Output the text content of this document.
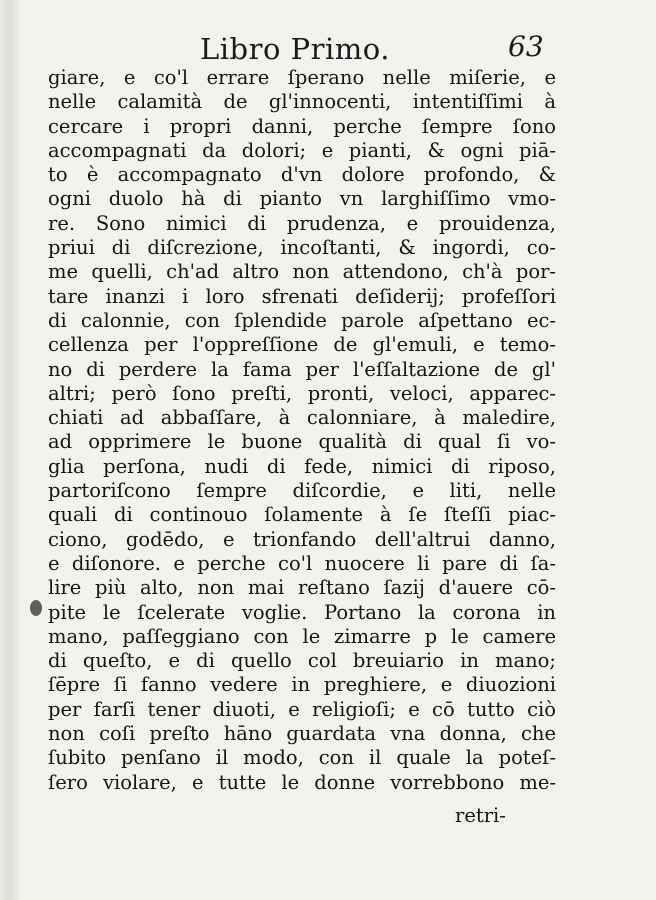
Libro Primo.	63
giare, e co'l errare ſperano nelle miſerie, e
nelle calamità de gl'innocenti, intentiſſimi à
cercare i propri danni, perche ſempre ſono
accompagnati da dolori; e pianti, & ogni piā-
to è accompagnato d'vn dolore profondo, &
ogni duolo hà di pianto vn larghiſſimo vmo-
re. Sono nimici di prudenza, e prouidenza,
priui di diſcrezione, incoſtanti, & ingordi, co-
me quelli, ch'ad altro non attendono, ch'à por-
tare inanzi i loro sfrenati deſiderij; profeſſori
di calonnie, con ſplendide parole aſpettano ec-
cellenza per l'oppreſſione de gl'emuli, e temo-
no di perdere la fama per l'eſſaltazione de gl'
altri; però ſono preſti, pronti, veloci, apparec-
chiati ad abbaſſare, à calonniare, à maledire,
ad opprimere le buone qualità di qual ſi vo-
glia perſona, nudi di fede, nimici di riposo,
partoriſcono ſempre diſcordie, e liti, nelle
quali di continouo ſolamente à ſe ſteſſi piac-
ciono, godēdo, e trionfando dell'altrui danno,
e diſonore. e perche co'l nuocere li pare di ſa-
lire più alto, non mai reſtano ſazij d'auere cō-
pite le ſcelerate voglie. Portano la corona in
mano, paſſeggiano con le zimarre p le camere
di queſto, e di quello col breuiario in mano;
ſēpre ſi fanno vedere in preghiere, e diuozioni
per farſi tener diuoti, e religioſi; e cō tutto ciò
non coſi preſto hāno guardata vna donna, che
ſubito penſano il modo, con il quale la poteſ-
ſero violare, e tutte le donne vorrebbono me-
retri-
